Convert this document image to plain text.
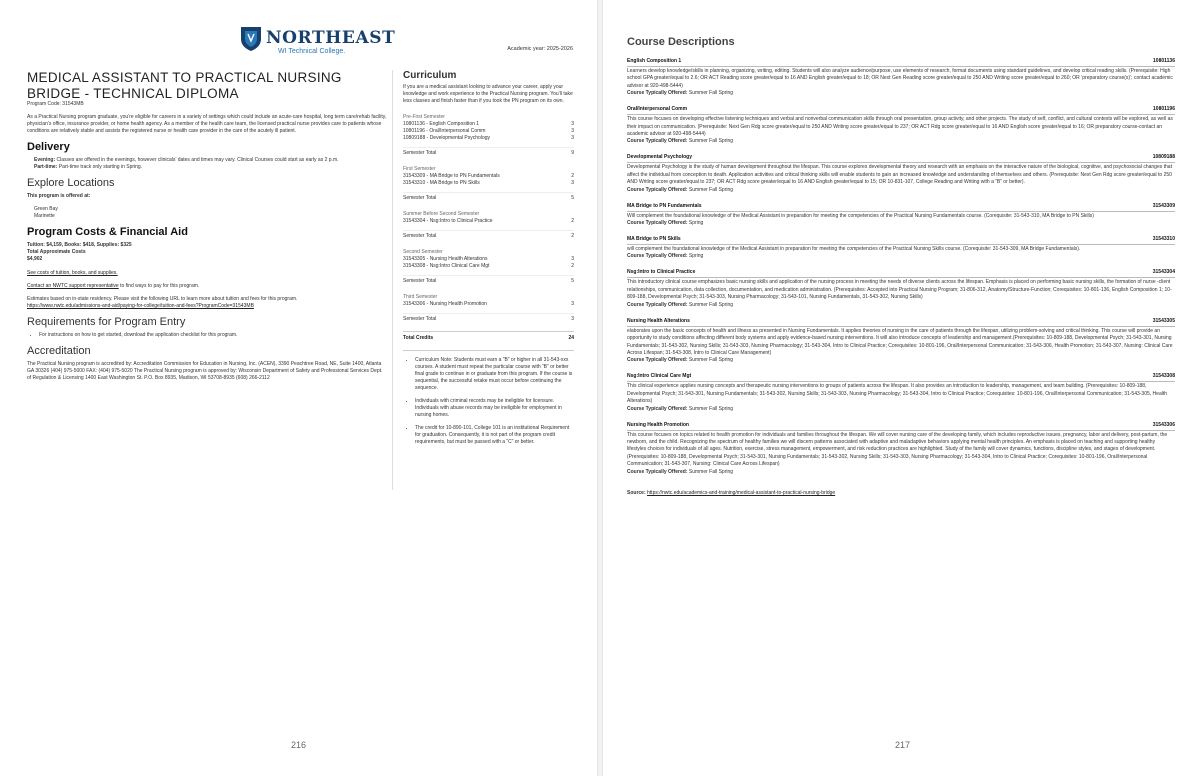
NORTHEAST
WI Technical College.	Academic year: 2025-2026
MEDICAL ASSISTANT TO PRACTICAL NURSING BRIDGE - TECHNICAL DIPLOMA
Program Code: 31543MB

As a Practical Nursing program graduate, you’re eligible for careers in a variety of settings which could include an acute-care hospital, long term care/rehab facility, physician’s office, insurance provider, or home health agency. As a member of the health care team, the licensed practical nurse provides care to patients whose conditions are relatively stable and assists the registered nurse or health care provider in the care of the acutely ill patient.

Delivery

Evening: Classes are offered in the evenings, however clinicals’ dates and times may vary. Clinical Courses could start as early as 2 p.m.

Part-time: Part-time track only starting in Spring.

Explore Locations

This program is offered at:

Green Bay
Marinette
Program Costs & Financial Aid

Tuition: $4,159, Books: $418, Supplies: $325

Total Approximate Costs

$4,902

See costs of tuition, books, and supplies.

Contact an NWTC support representative to find ways to pay for this program.

Estimates based on in-state residency. Please visit the following URL to learn more about tuition and fees for this program.

https://www.nwtc.edu/admissions-and-aid/paying-for-college/tuition-and-fees?ProgramCode=31543MB

Requirements for Program Entry
• For instructions on how to get started, download the application checklist for this program.
Accreditation

The Practical Nursing program is accredited by: Accreditation Commission for Education in Nursing, Inc. (ACEN), 3390 Peachtree Road, NE, Suite 1400, Atlanta GA 30326 (404) 975-5000 FAX: (404) 975-5020 The Practical Nursing program is approved by: Wisconsin Department of Safety and Professional Services Dept. of Regulation & Licensing 1400 East Washington St. P.O. Box 8935, Madison, WI 53708-8935 (608) 266-2112

Curriculum

If you are a medical assistant looking to advance your career, apply your knowledge and work experience to the Practical Nursing program. You’ll take less classes and finish faster than if you took the PN program on its own.

Pre-First Semester
10801136 - English Composition 1	3
10801196 - Oral/Interpersonal Comm	3
10809188 - Developmental Psychology	3
Semester Total	9
First Semester
31543309 - MA Bridge to PN Fundamentals	2
31543310 - MA Bridge to PN Skills	3
Semester Total	5
Summer Before Second Semester
31543304 - Nsg:Intro to Clinical Practice	2
Semester Total	2
Second Semester
31543305 - Nursing Health Alterations	3
31543308 - Nsg:Intro Clinical Care Mgt	2
Semester Total	5
Third Semester
31543306 - Nursing Health Promotion	3
Semester Total	3
Total Credits	24
• Curriculum Note: Students must earn a “B” or higher in all 31-543-xxx courses. A student must repeat the particular course with “B” or better final grade to continue in or graduate from this program. If the course is sequential, the successful retake must occur before continuing the sequence.
• Individuals with criminal records may be ineligible for licensure. Individuals with abuse records may be ineligible for employment in nursing homes.
• The credit for 10-890-101, College 101 is an institutional Requirement for graduation. Consequently, it is not part of the program credit requirements, but must be passed with a “C” or better.
216
Course Descriptions
English Composition 1	10801136
Learners develop knowledge/skills in planning, organizing, writing, editing. Students will also analyze audience/purpose, use elements of research, format documents using standard guidelines, and develop critical reading skills. (Prerequisite: High school GPA greater/equal to 2.6; OR ACT Reading score greater/equal to 16 AND English greater/equal to 18; OR Next Gen Reading score greater/equal to 250 AND Writing score greater/equal to 260; OR ‘preparatory course(s)’; contact academic advisor at 920-498-5444)
Course Typically Offered: Summer Fall Spring
Oral/Interpersonal Comm	10801196
This course focuses on developing effective listening techniques and verbal and nonverbal communication skills through oral presentation, group activity, and other projects. The study of self, conflict, and cultural contexts will be explored, as well as their impact on communication. (Prerequisite: Next Gen Rdg score greater/equal to 250 AND Writing score greater/equal to 237; OR ACT Rdg score greater/equal to 16 AND English score greater/equal to 16; OR preparatory course-contact an academic advisor at 920-498-5444)
Course Typically Offered: Summer Fall Spring
Developmental Psychology	10809188
Developmental Psychology is the study of human development throughout the lifespan. This course explores developmental theory and research with an emphasis on the interactive nature of the biological, cognitive, and psychosocial changes that affect the individual from conception to death. Application activities and critical thinking skills will enable students to gain an increased knowledge and understanding of themselves and others. (Prerequisite: Next Gen Rdg score greater/equal to 250 AND Writing score greater/equal to 237; OR ACT Rdg score greater/equal to 16 AND English greater/equal to 15; OR 10-831-107, College Reading and Writing with a “B” or better).
Course Typically Offered: Summer Fall Spring
MA Bridge to PN Fundamentals	31543309
Will complement the foundational knowledge of the Medical Assistant in preparation for meeting the competencies of the Practical Nursing Fundamentals course. (Corequisite: 31-543-310, MA Bridge to PN Skills)
Course Typically Offered: Spring
MA Bridge to PN Skills	31543310
will complement the foundational knowledge of the Medical Assistant in preparation for meeting the competencies of the Practical Nursing Skills course. (Corequisite: 31-543-309, MA Bridge Fundamentals).
Course Typically Offered: Spring
Nsg:Intro to Clinical Practice	31543304
This introductory clinical course emphasizes basic nursing skills and application of the nursing process in meeting the needs of diverse clients across the lifespan. Emphasis is placed on performing basic nursing skills, the formation of nurse -client relationships, communication, data collection, documentation, and medication administration. (Prerequisites: Accepted into Practical Nursing Program; 31-806-312, Anatomy/Structure-Function; Corequisites: 10-801-136, English Composition 1; 10-809-188, Developmental Psych; 31-543-303, Nursing Pharmacology; 31-543-101, Nursing Fundamentals, 31-543-302, Nursing Skills)
Course Typically Offered: Summer Fall Spring
Nursing Health Alterations	31543305
elaborates upon the basic concepts of health and illness as presented in Nursing Fundamentals. It applies theories of nursing in the care of patients through the lifespan, utilizing problem-solving and critical thinking. This course will provide an opportunity to study conditions affecting different body systems and apply evidence-based nursing interventions. It will also introduce concepts of leadership and management.(Prerequisites: 10-809-188, Developmental Psych; 31-543-301, Nursing Fundamentals; 31-543-302, Nursing Skills; 31-543-303, Nursing Pharmacology; 31-543-304, Intro to Clinical Practice; Corequisites: 10-801-196, Oral/Interpersonal Communication; 31-543-306, Health Promotion; 31-543-307, Nursing: Clinical Care Across Lifespan; 31-543-308, Intro to Clinical Care Management)
Course Typically Offered: Summer Fall Spring
Nsg:Intro Clinical Care Mgt	31543308
This clinical experience applies nursing concepts and therapeutic nursing interventions to groups of patients across the lifespan. It also provides an introduction to leadership, management, and team building. (Prerequisites: 10-809-188, Developmental Psych; 31-543-301, Nursing Fundamentals; 31-543-302, Nursing Skills; 31-543-303, Nursing Pharmacology; 31-543-304, Intro to Clinical Practice; Corequisites: 10-801-196, Oral/Interpersonal Communication; 31-543-305, Health Alterations)
Course Typically Offered: Summer Fall Spring
Nursing Health Promotion	31543306
This course focuses on topics related to health promotion for individuals and families throughout the lifespan. We will cover nursing care of the developing family, which includes reproductive issues, pregnancy, labor and delivery, post-partum, the newborn, and the child. Recognizing the spectrum of healthy families we will discern patterns associated with adaptive and maladaptive behaviors applying mental health principles. An emphasis is placed on teaching and supporting healthy lifestyles choices for individuals of all ages. Nutrition, exercise, stress management, empowerment, and risk reduction practices are highlighted. Study of the family will cover dynamics, functions, discipline styles, and stages of development. (Prerequisites: 10-809-188, Developmental Psych; 31-543-301, Nursing Fundamentals; 31-543-302, Nursing Skills; 31-543-303, Nursing Pharmacology; 31-543-304, Intro to Clinical Practice; Corequisites: 10-801-196, Oral/Interpersonal Communication; 31-543-307, Nursing: Clinical Care Across Lifespan)
Course Typically Offered: Summer Fall Spring

Source: https://nwtc.edu/academics-and-training/medical-assistant-to-practical-nursing-bridge

217
